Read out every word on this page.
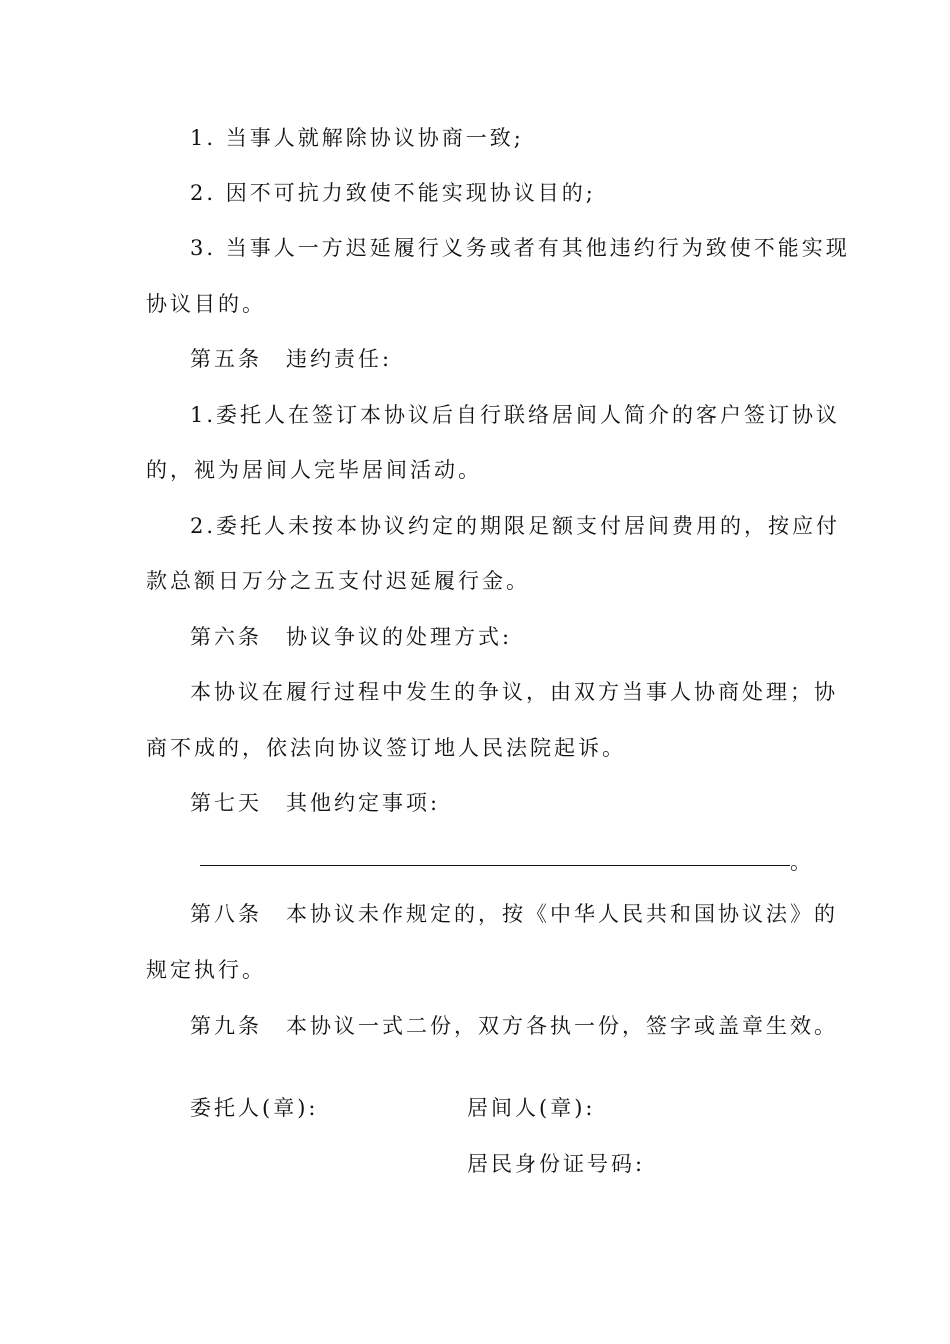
1. 当事人就解除协议协商一致;
2. 因不可抗力致使不能实现协议目的;
3. 当事人一方迟延履行义务或者有其他违约行为致使不能实现
协议目的。
第五条　违约责任:
1.委托人在签订本协议后自行联络居间人简介的客户签订协议
的，视为居间人完毕居间活动。
2.委托人未按本协议约定的期限足额支付居间费用的，按应付
款总额日万分之五支付迟延履行金。
第六条　协议争议的处理方式:
本协议在履行过程中发生的争议，由双方当事人协商处理；协
商不成的，依法向协议签订地人民法院起诉。
第七天　其他约定事项:
。
第八条　本协议未作规定的，按《中华人民共和国协议法》的
规定执行。
第九条　本协议一式二份，双方各执一份，签字或盖章生效。
委托人(章):	居间人(章):
居民身份证号码:
